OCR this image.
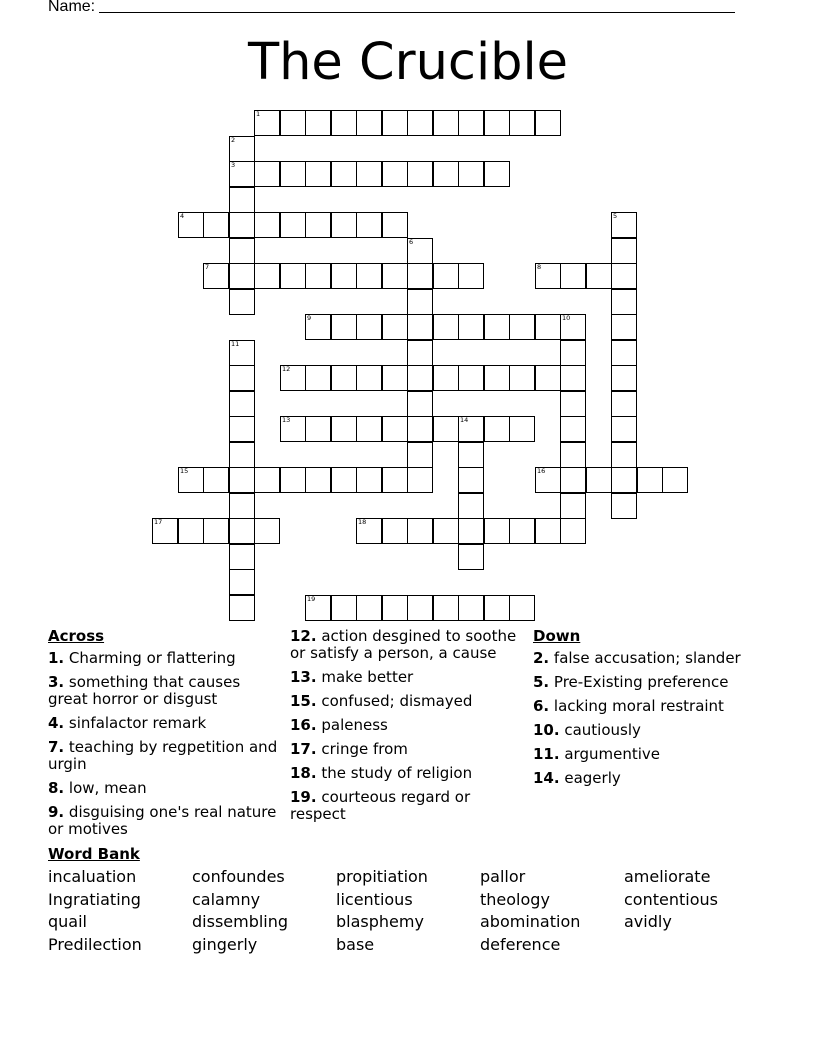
Name:
The Crucible
1
2
3
4	5
6
7	8
9	10
11
12
13	14
15	16
17	18
19
Across
1. Charming or flattering
3. something that causes great horror or disgust
4. sinfalactor remark
7. teaching by regpetition and urgin
8. low, mean
9. disguising one's real nature or motives
12. action desgined to soothe or satisfy a person, a cause
13. make better
15. confused; dismayed
16. paleness
17. cringe from
18. the study of religion
19. courteous regard or respect
Down
2. false accusation; slander
5. Pre-Existing preference
6. lacking moral restraint
10. cautiously
11. argumentive
14. eagerly
Word Bank
incaluation	confoundes	propitiation	pallor	ameliorate
Ingratiating	calamny	licentious	theology	contentious
quail	dissembling	blasphemy	abomination	avidly
Predilection	gingerly	base	deference
